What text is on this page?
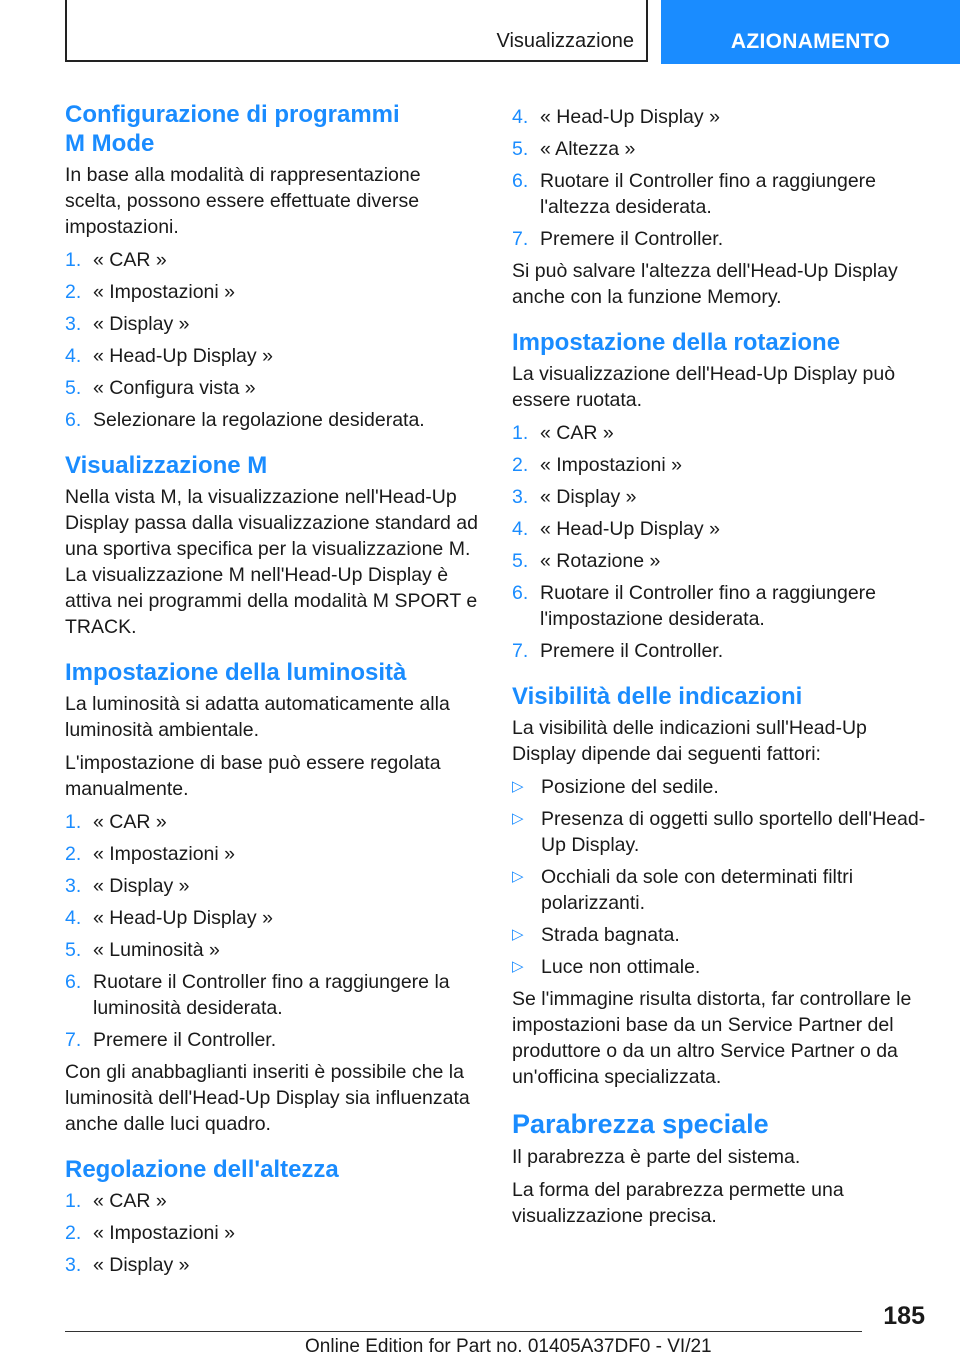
Visualizzazione	AZIONAMENTO
Configurazione di programmi
M Mode

In base alla modalità di rappresentazione scelta, possono essere effettuate diverse impostazioni.

1. « CAR »
2. « Impostazioni »
3. « Display »
4. « Head-Up Display »
5. « Configura vista »
6. Selezionare la regolazione desiderata.
Visualizzazione M

Nella vista M, la visualizzazione nell'Head-Up Display passa dalla visualizzazione standard ad una sportiva specifica per la visualizzazione M. La visualizzazione M nell'Head-Up Display è attiva nei programmi della modalità M SPORT e TRACK.

Impostazione della luminosità

La luminosità si adatta automaticamente alla luminosità ambientale.

L'impostazione di base può essere regolata manualmente.

1. « CAR »
2. « Impostazioni »
3. « Display »
4. « Head-Up Display »
5. « Luminosità »
6. Ruotare il Controller fino a raggiungere la luminosità desiderata.
7. Premere il Controller.

Con gli anabbaglianti inseriti è possibile che la luminosità dell'Head-Up Display sia influenzata anche dalle luci quadro.

Regolazione dell'altezza
1. « CAR »
2. « Impostazioni »
3. « Display »
4. « Head-Up Display »
5. « Altezza »
6. Ruotare il Controller fino a raggiungere l'altezza desiderata.
7. Premere il Controller.

Si può salvare l'altezza dell'Head-Up Display anche con la funzione Memory.

Impostazione della rotazione

La visualizzazione dell'Head-Up Display può essere ruotata.

1. « CAR »
2. « Impostazioni »
3. « Display »
4. « Head-Up Display »
5. « Rotazione »
6. Ruotare il Controller fino a raggiungere l'impostazione desiderata.
7. Premere il Controller.
Visibilità delle indicazioni

La visibilità delle indicazioni sull'Head-Up Display dipende dai seguenti fattori:

▷ Posizione del sedile.
▷ Presenza di oggetti sullo sportello dell'Head-Up Display.
▷ Occhiali da sole con determinati filtri polarizzanti.
▷ Strada bagnata.
▷ Luce non ottimale.

Se l'immagine risulta distorta, far controllare le impostazioni base da un Service Partner del produttore o da un altro Service Partner o da un'officina specializzata.

Parabrezza speciale

Il parabrezza è parte del sistema.

La forma del parabrezza permette una visualizzazione precisa.

185
Online Edition for Part no. 01405A37DF0 - VI/21
